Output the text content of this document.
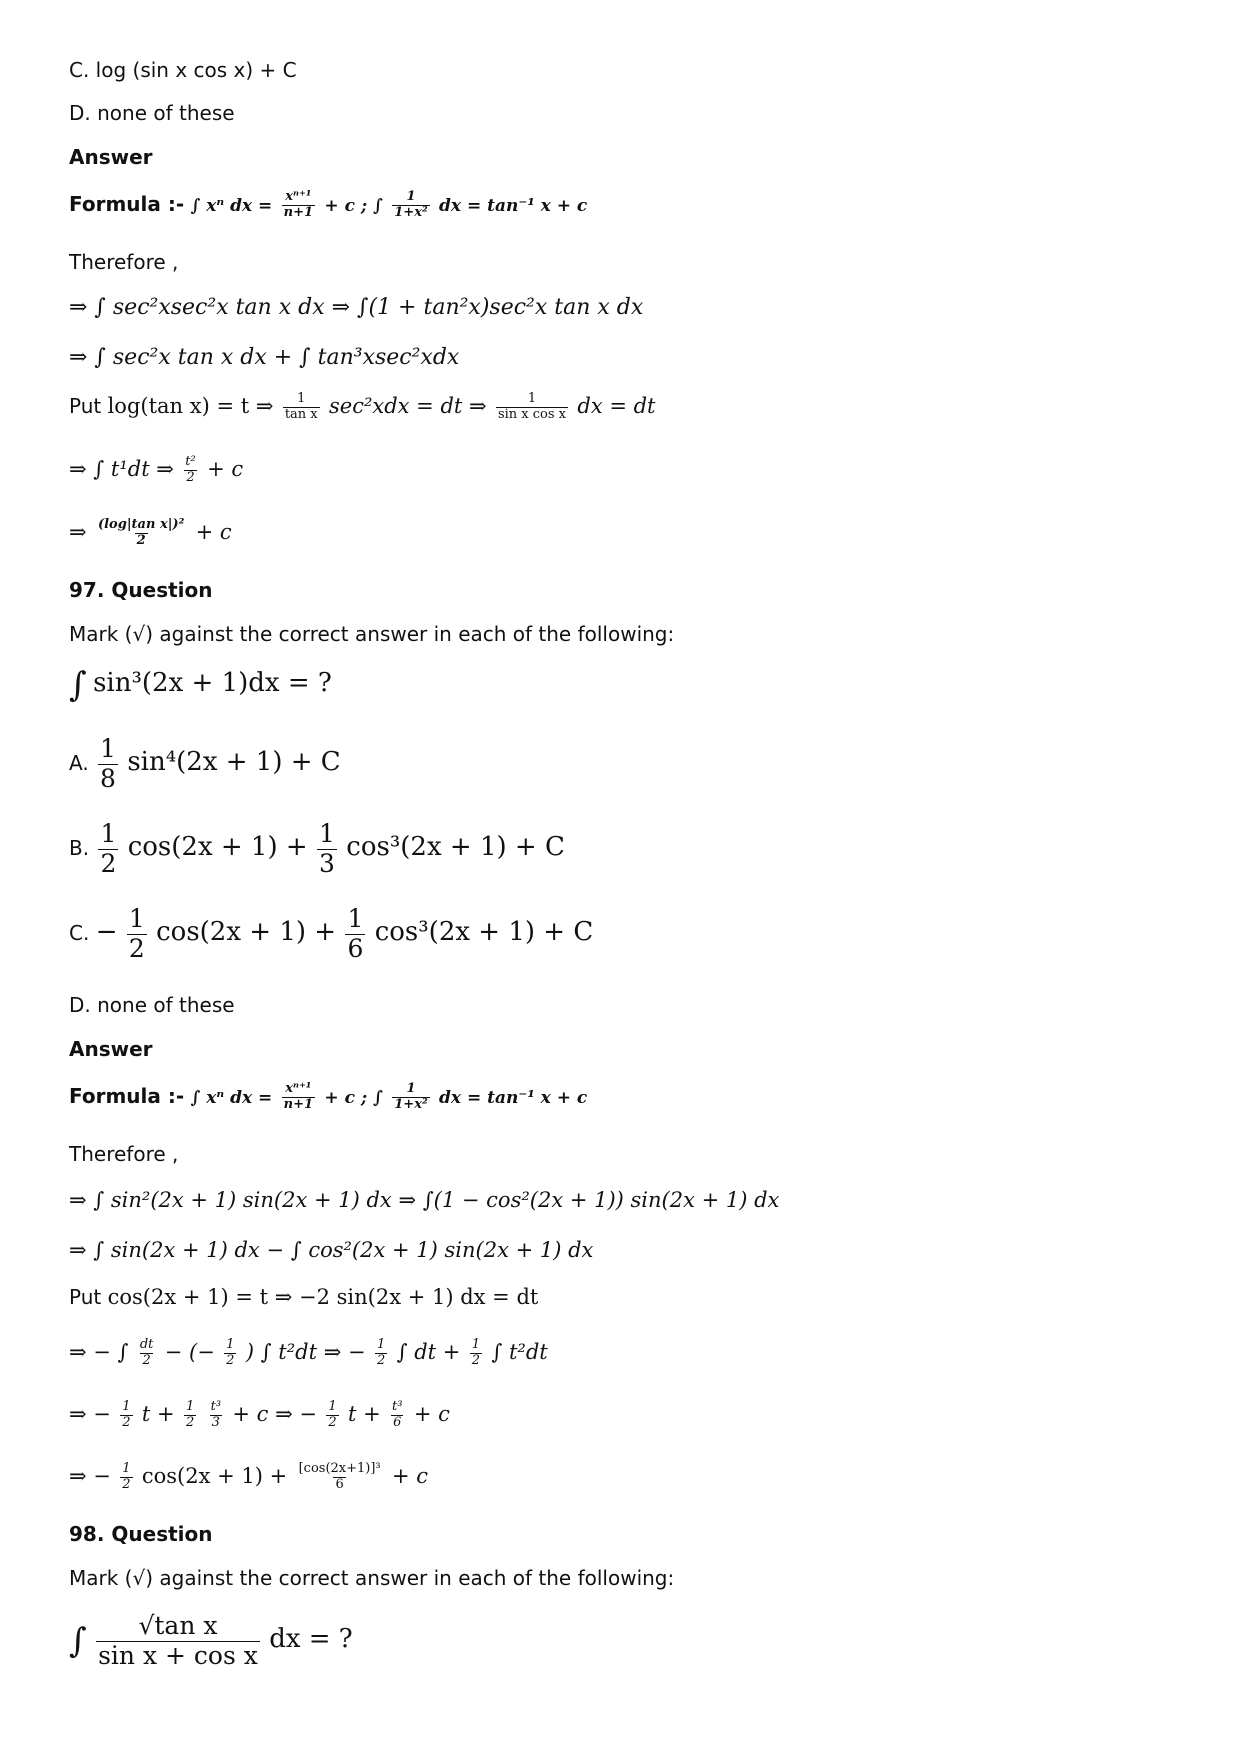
C. log (sin x cos x) + C
D. none of these
Answer
Formula :- ∫ xⁿ dx = $\frac{\text{xⁿ⁺¹}}{n+1} + c$ ; ∫ $\frac{1}{\text{1+x²}}$ dx = tan⁻¹ x + c
Therefore ,
⇒ ∫ sec²xsec²x tan x dx ⇒ ∫(1 + tan²x)sec²x tan x dx
⇒ ∫ sec²x tan x dx + ∫ tan³xsec²xdx
Put log(tan x) = t ⇒ $\frac{1}{\text{tan x}} \sec^2xdx$ = dt ⇒ $\frac{1}{\text{sin x cos x}}$ dx = dt
⇒ ∫ t¹dt ⇒ $\frac{\text{t²}}{2} + c$
⇒ $\frac{\text{(log|tan x|)²}}{2} + c$
97. Question
Mark (√) against the correct answer in each of the following:
∫ sin³(2x + 1)dx = ?
A. $\frac{1}{8} \sin^4(2x + 1) + C$
B. $\frac{1}{2} \cos(2x + 1) + \frac{1}{3} \cos^3(2x + 1) + C$
C. − $\frac{1}{2} \cos(2x + 1) + \frac{1}{6} \cos^3(2x + 1) + C$
D. none of these
Answer
Formula :- ∫ xⁿ dx = $\frac{\text{xⁿ⁺¹}}{n+1} + c$ ; ∫ $\frac{1}{\text{1+x²}}$ dx = tan⁻¹ x + c
Therefore ,
⇒ ∫ sin²(2x + 1) sin(2x + 1) dx ⇒ ∫(1 − cos²(2x + 1)) sin(2x + 1) dx
⇒ ∫ sin(2x + 1) dx − ∫ cos²(2x + 1) sin(2x + 1) dx
Put cos(2x + 1) = t ⇒ −2 sin(2x + 1) dx = dt
⇒ − ∫ $\frac{dt}{2}$ − (− $\frac{1}{2}$ ) ∫ t²dt ⇒ − $\frac{1}{2}$ ∫ dt + $\frac{1}{2}$ ∫ t²dt
⇒ − $\frac{1}{2}$ $t + \frac{1}{2}$
$\frac{\text{t³}}{3} + c$ ⇒ − $\frac{1}{2}$ $t + \frac{\text{t³}}{6} + c$
⇒ − $\frac{1}{2} \cos(2x + 1) + \frac{\text{[cos(2x+1)]³}}{6} + c$
98. Question
Mark (√) against the correct answer in each of the following:
∫ $\frac{\text{√tan x}}{\text{sin x + cos x}}$ dx = ?
